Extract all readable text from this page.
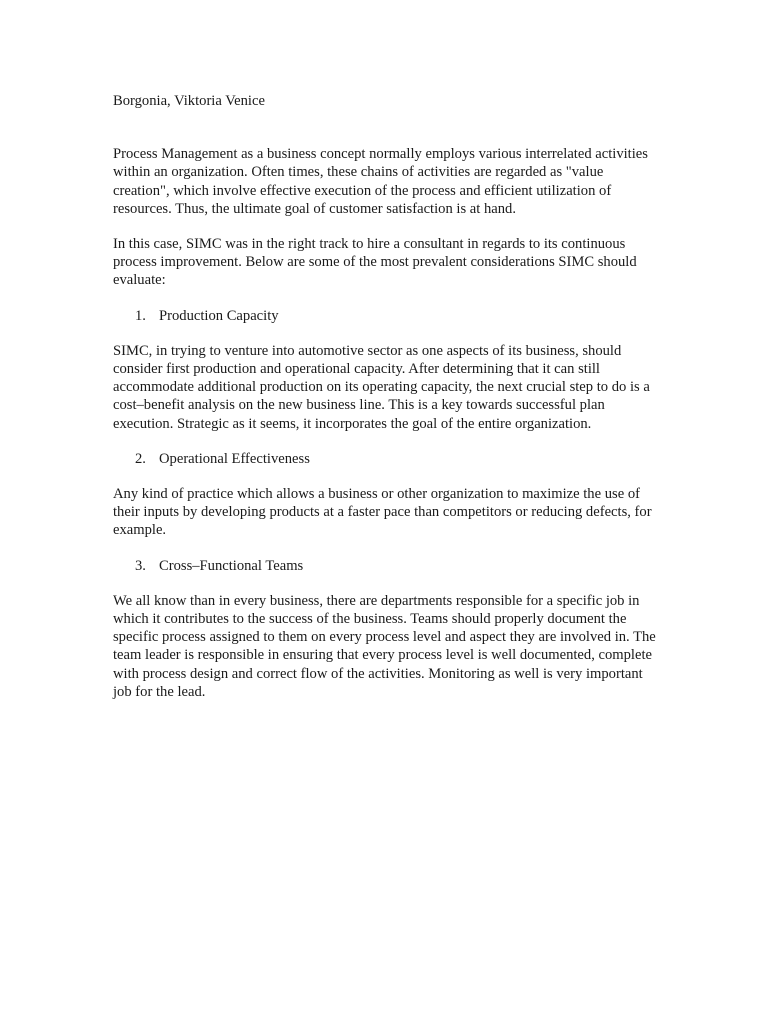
Borgonia, Viktoria Venice

Process Management as a business concept normally employs various interrelated activities within an organization. Often times, these chains of activities are regarded as "value creation", which involve effective execution of the process and efficient utilization of resources. Thus, the ultimate goal of customer satisfaction is at hand.

In this case, SIMC was in the right track to hire a consultant in regards to its continuous process improvement. Below are some of the most prevalent considerations SIMC should evaluate:

1. Production Capacity

SIMC, in trying to venture into automotive sector as one aspects of its business, should consider first production and operational capacity. After determining that it can still accommodate additional production on its operating capacity, the next crucial step to do is a cost–benefit analysis on the new business line. This is a key towards successful plan execution. Strategic as it seems, it incorporates the goal of the entire organization.

2. Operational Effectiveness

Any kind of practice which allows a business or other organization to maximize the use of their inputs by developing products at a faster pace than competitors or reducing defects, for example.

3. Cross–Functional Teams

We all know than in every business, there are departments responsible for a specific job in which it contributes to the success of the business. Teams should properly document the specific process assigned to them on every process level and aspect they are involved in. The team leader is responsible in ensuring that every process level is well documented, complete with process design and correct flow of the activities. Monitoring as well is very important job for the lead.
